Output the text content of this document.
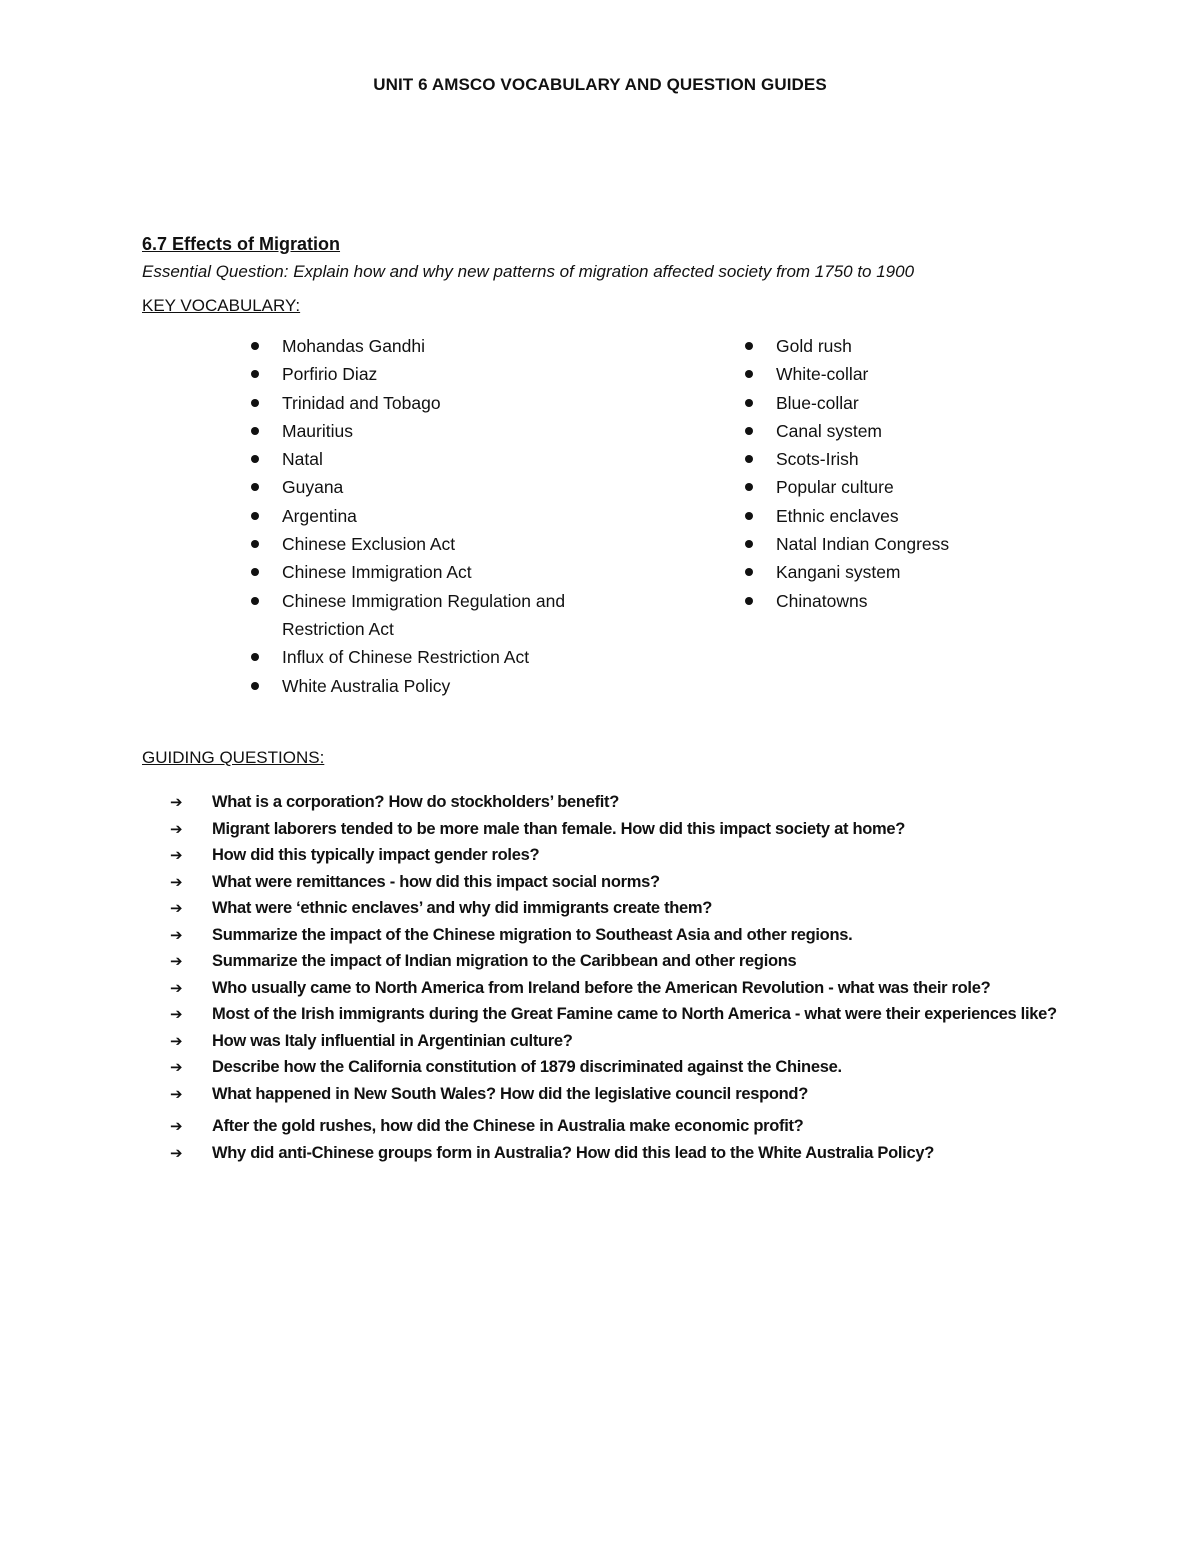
UNIT 6 AMSCO VOCABULARY AND QUESTION GUIDES
6.7 Effects of Migration
Essential Question: Explain how and why new patterns of migration affected society from 1750 to 1900
KEY VOCABULARY:
Mohandas Gandhi
Porfirio Diaz
Trinidad and Tobago
Mauritius
Natal
Guyana
Argentina
Chinese Exclusion Act
Chinese Immigration Act
Chinese Immigration Regulation and Restriction Act
Influx of Chinese Restriction Act
White Australia Policy
Gold rush
White-collar
Blue-collar
Canal system
Scots-Irish
Popular culture
Ethnic enclaves
Natal Indian Congress
Kangani system
Chinatowns
GUIDING QUESTIONS:
➔ What is a corporation? How do stockholders’ benefit?
➔ Migrant laborers tended to be more male than female. How did this impact society at home?
➔ How did this typically impact gender roles?
➔ What were remittances - how did this impact social norms?
➔ What were ‘ethnic enclaves’ and why did immigrants create them?
➔ Summarize the impact of the Chinese migration to Southeast Asia and other regions.
➔ Summarize the impact of Indian migration to the Caribbean and other regions
➔ Who usually came to North America from Ireland before the American Revolution - what was their role?
➔ Most of the Irish immigrants during the Great Famine came to North America - what were their experiences like?
➔ How was Italy influential in Argentinian culture?
➔ Describe how the California constitution of 1879 discriminated against the Chinese.
➔ What happened in New South Wales? How did the legislative council respond?
➔ After the gold rushes, how did the Chinese in Australia make economic profit?
➔ Why did anti-Chinese groups form in Australia? How did this lead to the White Australia Policy?
